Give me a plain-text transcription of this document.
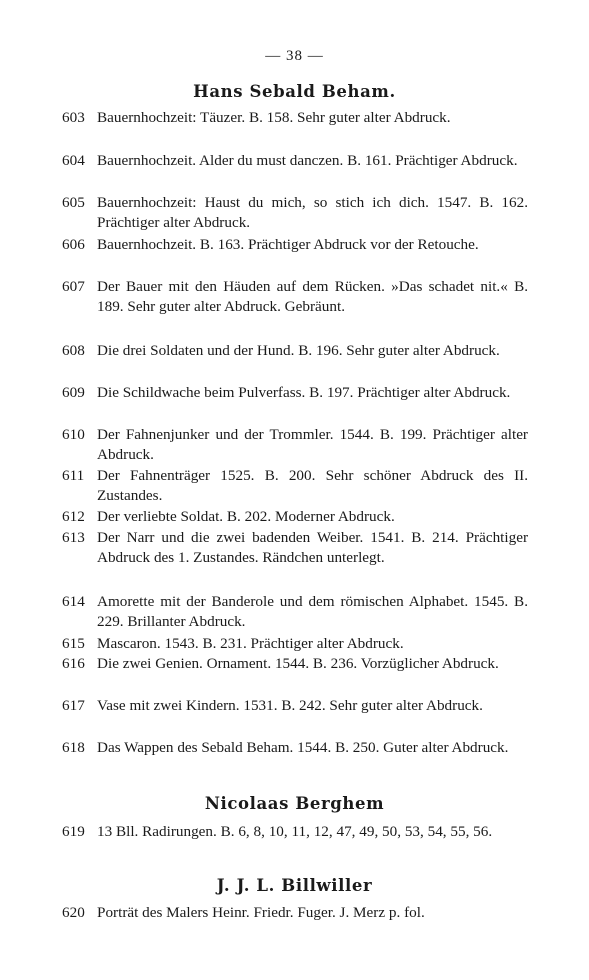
— 38 —
Hans Sebald Beham.
603 Bauernhochzeit: Täuzer. B. 158. Sehr guter alter Abdruck.
604 Bauernhochzeit. Alder du must danczen. B. 161. Prächtiger Abdruck.
605 Bauernhochzeit: Haust du mich, so stich ich dich. 1547. B. 162. Prächtiger alter Abdruck.
606 Bauernhochzeit. B. 163. Prächtiger Abdruck vor der Retouche.
607 Der Bauer mit den Häuden auf dem Rücken. »Das schadet nit.« B. 189. Sehr guter alter Abdruck. Gebräunt.
608 Die drei Soldaten und der Hund. B. 196. Sehr guter alter Abdruck.
609 Die Schildwache beim Pulverfass. B. 197. Prächtiger alter Abdruck.
610 Der Fahnenjunker und der Trommler. 1544. B. 199. Prächtiger alter Abdruck.
611 Der Fahnenträger 1525. B. 200. Sehr schöner Abdruck des II. Zustandes.
612 Der verliebte Soldat. B. 202. Moderner Abdruck.
613 Der Narr und die zwei badenden Weiber. 1541. B. 214. Prächtiger Abdruck des 1. Zustandes. Rändchen unterlegt.
614 Amorette mit der Banderole und dem römischen Alphabet. 1545. B. 229. Brillanter Abdruck.
615 Mascaron. 1543. B. 231. Prächtiger alter Abdruck.
616 Die zwei Genien. Ornament. 1544. B. 236. Vorzüglicher Abdruck.
617 Vase mit zwei Kindern. 1531. B. 242. Sehr guter alter Abdruck.
618 Das Wappen des Sebald Beham. 1544. B. 250. Guter alter Abdruck.
Nicolaas Berghem
619 13 Bll. Radirungen. B. 6, 8, 10, 11, 12, 47, 49, 50, 53, 54, 55, 56.
J. J. L. Billwiller
620 Porträt des Malers Heinr. Friedr. Fuger. J. Merz p. fol.
